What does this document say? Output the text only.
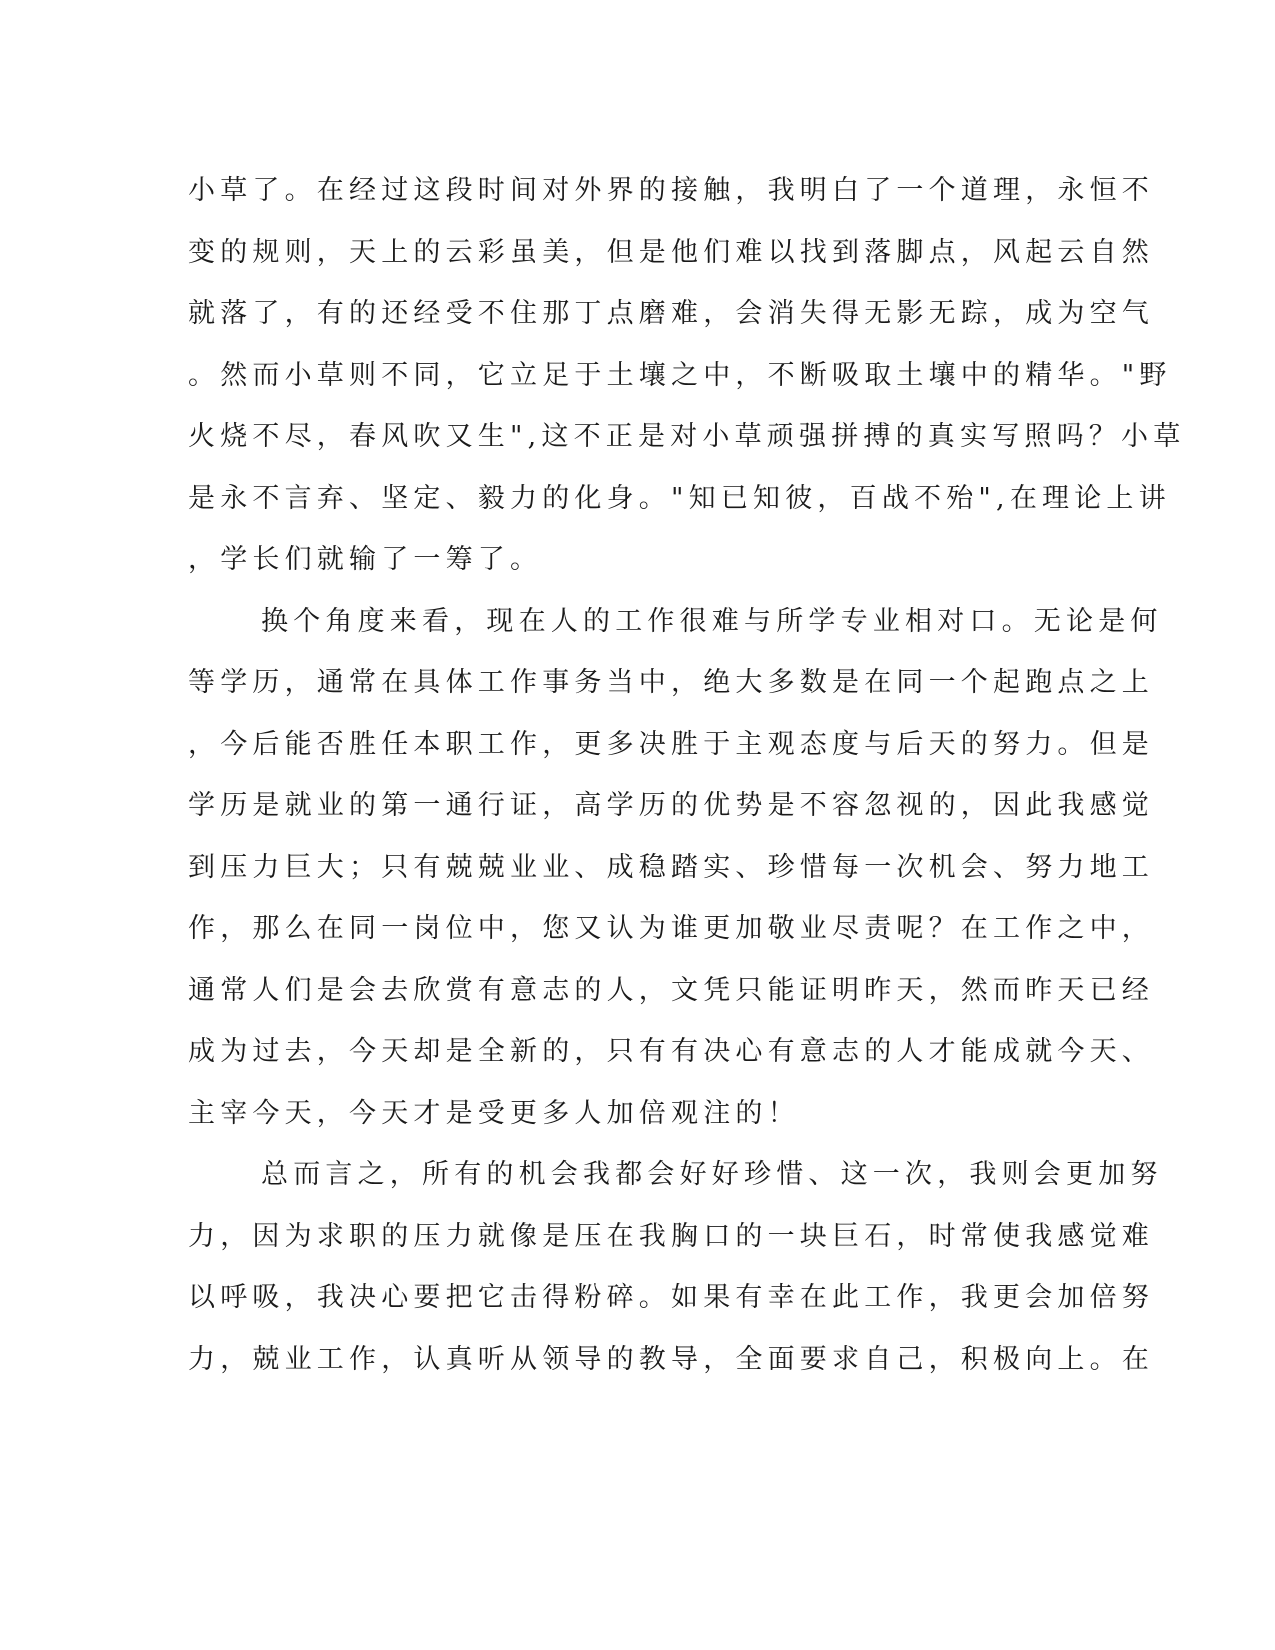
小草了。在经过这段时间对外界的接触，我明白了一个道理，永恒不
变的规则，天上的云彩虽美，但是他们难以找到落脚点，风起云自然
就落了，有的还经受不住那丁点磨难，会消失得无影无踪，成为空气
。然而小草则不同，它立足于土壤之中，不断吸取土壤中的精华。"野
火烧不尽，春风吹又生",这不正是对小草顽强拼搏的真实写照吗？小草
是永不言弃、坚定、毅力的化身。"知已知彼，百战不殆",在理论上讲
，学长们就输了一筹了。
换个角度来看，现在人的工作很难与所学专业相对口。无论是何
等学历，通常在具体工作事务当中，绝大多数是在同一个起跑点之上
，今后能否胜任本职工作，更多决胜于主观态度与后天的努力。但是
学历是就业的第一通行证，高学历的优势是不容忽视的，因此我感觉
到压力巨大；只有兢兢业业、成稳踏实、珍惜每一次机会、努力地工
作，那么在同一岗位中，您又认为谁更加敬业尽责呢？在工作之中，
通常人们是会去欣赏有意志的人，文凭只能证明昨天，然而昨天已经
成为过去，今天却是全新的，只有有决心有意志的人才能成就今天、
主宰今天，今天才是受更多人加倍观注的！
总而言之，所有的机会我都会好好珍惜、这一次，我则会更加努
力，因为求职的压力就像是压在我胸口的一块巨石，时常使我感觉难
以呼吸，我决心要把它击得粉碎。如果有幸在此工作，我更会加倍努
力，兢业工作，认真听从领导的教导，全面要求自己，积极向上。在
